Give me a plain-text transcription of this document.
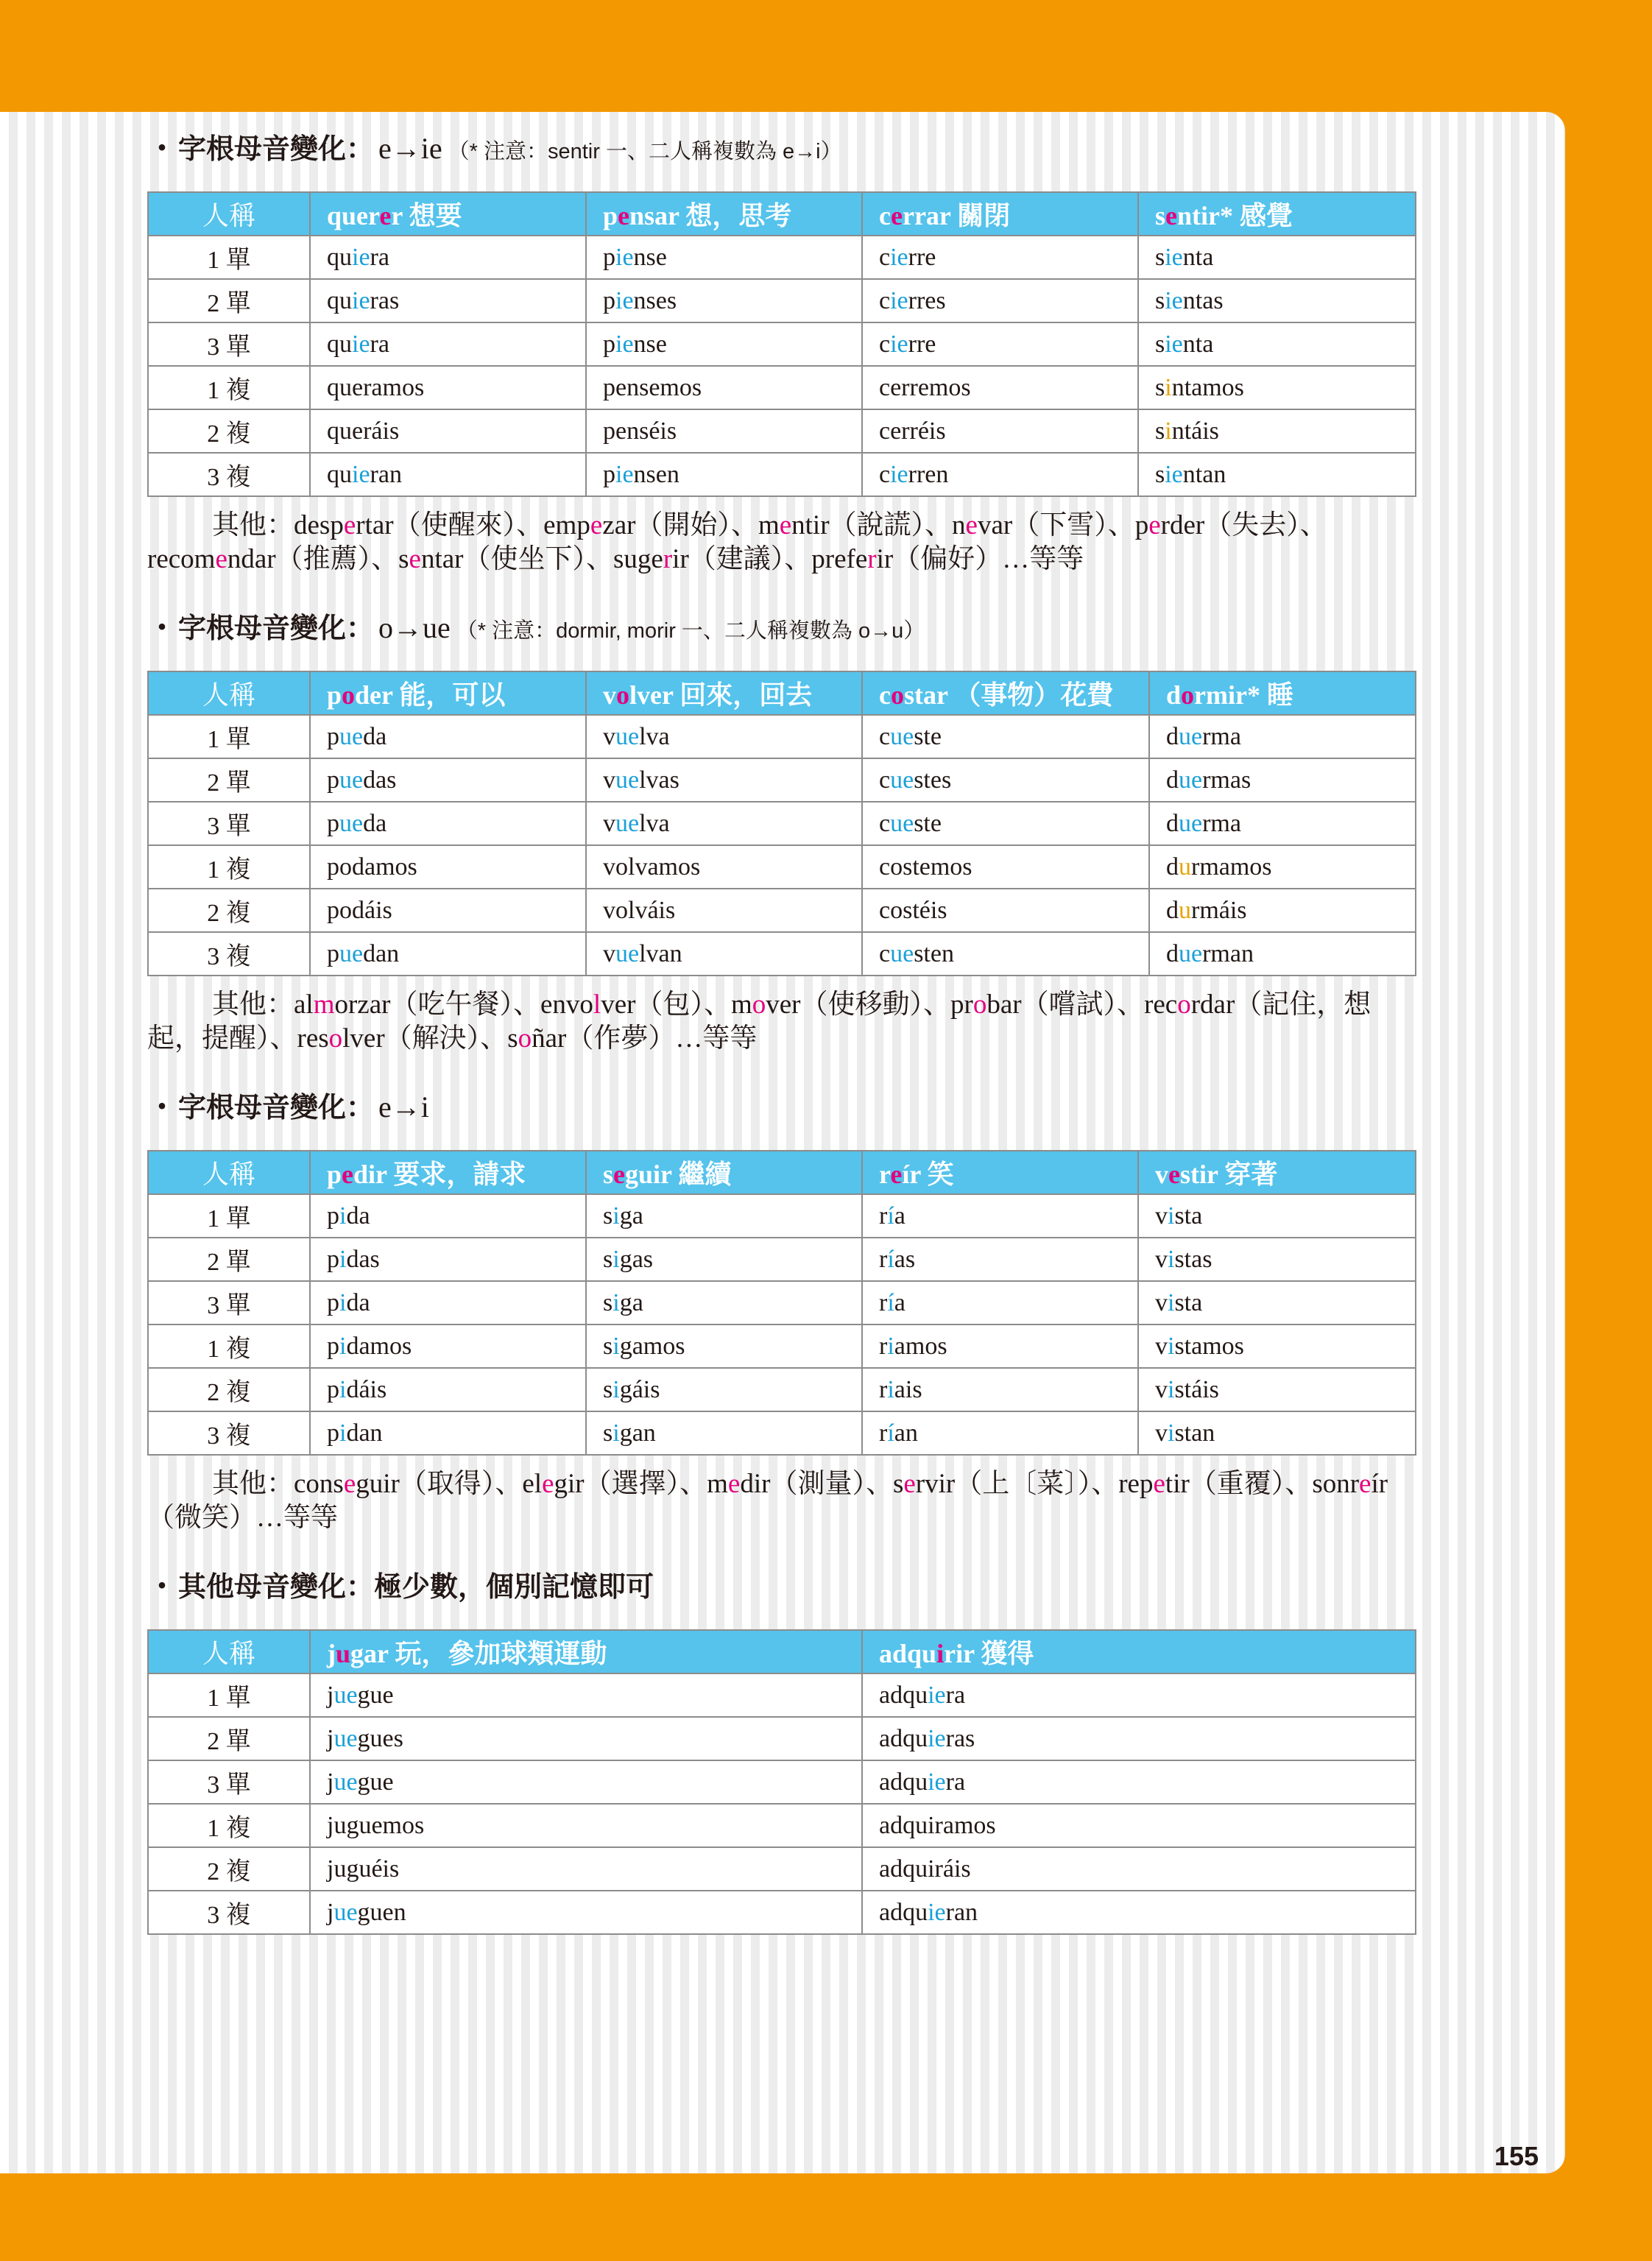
・ 字根母音變化： e→ie （* 注意：sentir 一、二人稱複數為 e→i）
人稱	querer 想要	pensar 想，思考	cerrar 關閉	sentir* 感覺
1 單	quiera	piense	cierre	sienta
2 單	quieras	pienses	cierres	sientas
3 單	quiera	piense	cierre	sienta
1 複	queramos	pensemos	cerremos	sintamos
2 複	queráis	penséis	cerréis	sintáis
3 複	quieran	piensen	cierren	sientan
其他：despertar（使醒來）、empezar（開始）、mentir（說謊）、nevar（下雪）、perder（失去）、recomendar（推薦）、sentar（使坐下）、sugerir（建議）、preferir（偏好）…等等
・ 字根母音變化： o→ue （* 注意：dormir, morir 一、二人稱複數為 o→u）
人稱	poder 能，可以	volver 回來，回去	costar （事物）花費	dormir* 睡
1 單	pueda	vuelva	cueste	duerma
2 單	puedas	vuelvas	cuestes	duermas
3 單	pueda	vuelva	cueste	duerma
1 複	podamos	volvamos	costemos	durmamos
2 複	podáis	volváis	costéis	durmáis
3 複	puedan	vuelvan	cuesten	duerman
其他：almorzar（吃午餐）、envolver（包）、mover（使移動）、probar（嚐試）、recordar（記住，想起，提醒）、resolver（解決）、soñar（作夢）…等等
・ 字根母音變化： e→i
人稱	pedir 要求，請求	seguir 繼續	reír 笑	vestir 穿著
1 單	pida	siga	ría	vista
2 單	pidas	sigas	rías	vistas
3 單	pida	siga	ría	vista
1 複	pidamos	sigamos	riamos	vistamos
2 複	pidáis	sigáis	riais	vistáis
3 複	pidan	sigan	rían	vistan
其他：conseguir（取得）、elegir（選擇）、medir（測量）、servir（上〔菜〕）、repetir（重覆）、sonreír（微笑）…等等
・ 其他母音變化：極少數，個別記憶即可
人稱	jugar 玩，參加球類運動	adquirir 獲得
1 單	juegue	adquiera
2 單	juegues	adquieras
3 單	juegue	adquiera
1 複	juguemos	adquiramos
2 複	juguéis	adquiráis
3 複	jueguen	adquieran
155
